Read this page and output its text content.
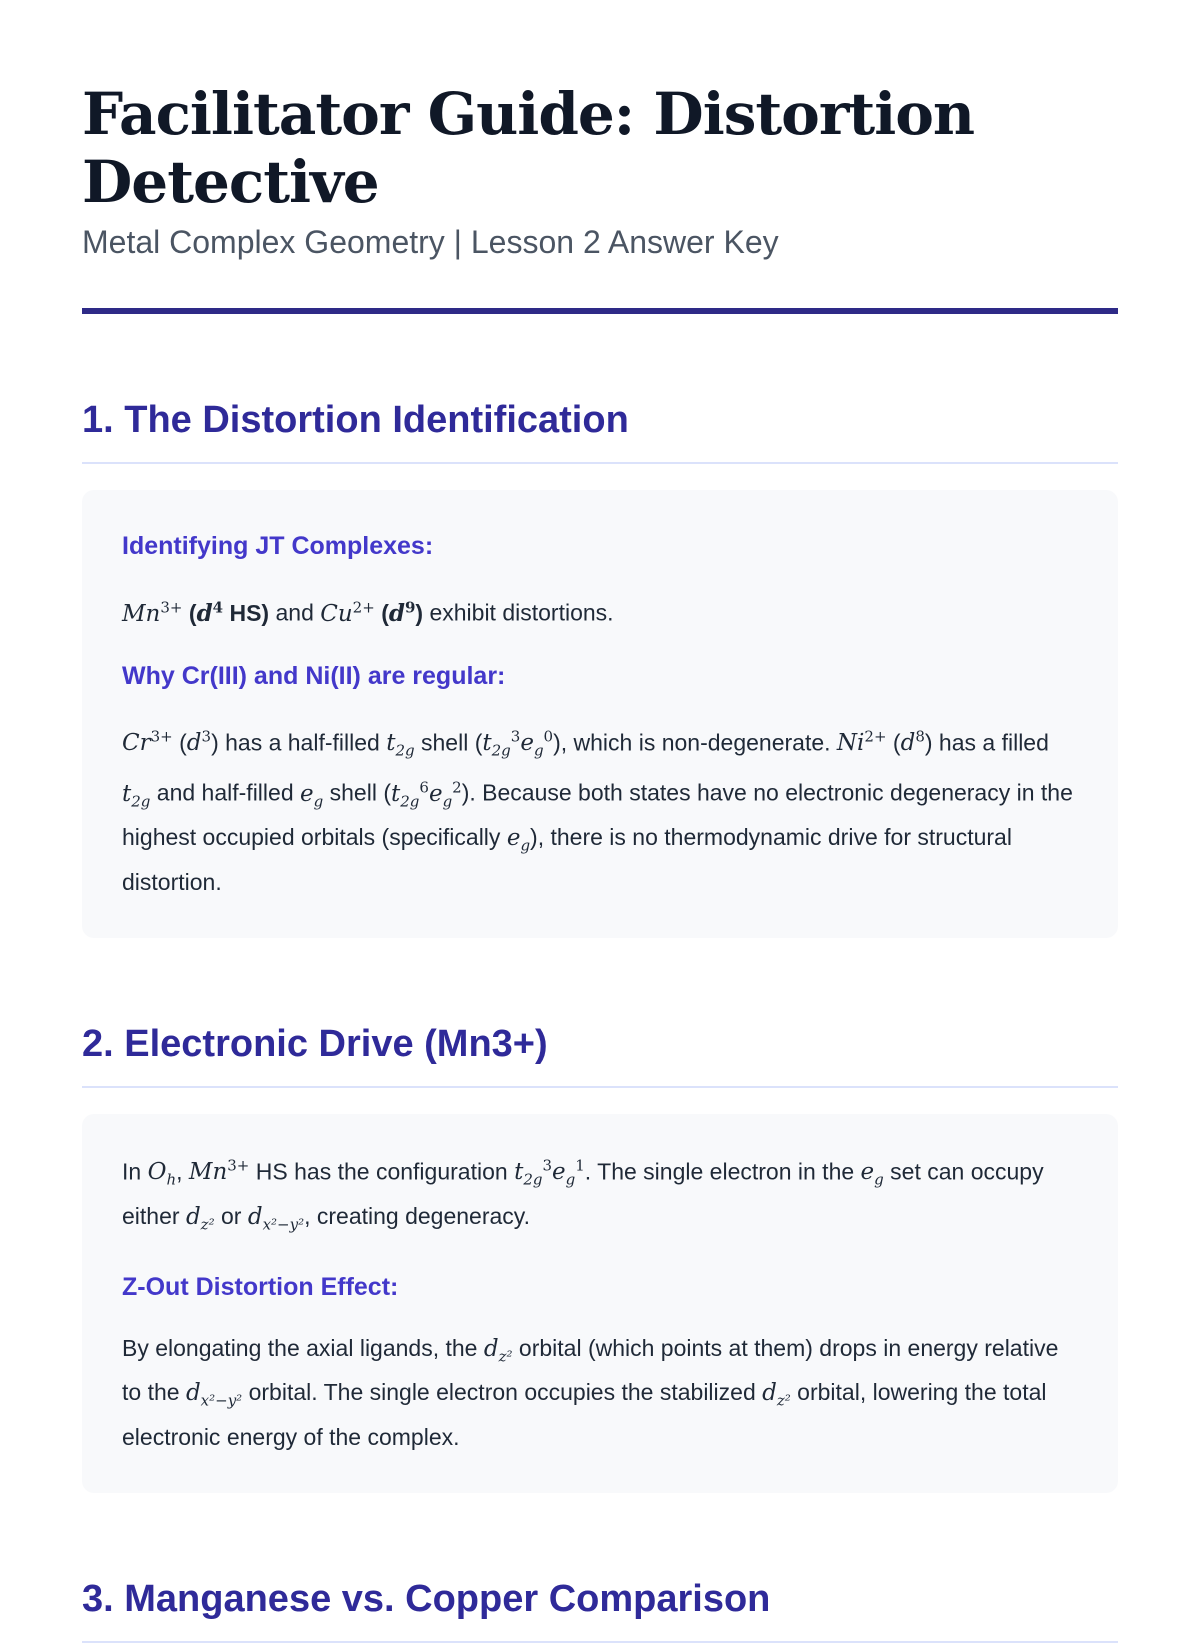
Facilitator Guide: Distortion Detective
Metal Complex Geometry | Lesson 2 Answer Key
1. The Distortion Identification
Identifying JT Complexes:

$Mn^{3+}$ ($d^4$ HS) and $Cu^{2+}$ $(d^9)$ exhibit distortions.

Why Cr(III) and Ni(II) are regular:

$Cr^{3+}$ $(d^3)$ has a half-filled $t_{2g}$ shell $(t_{2g}^3e_g^0)$, which is non-degenerate. $Ni^{2+}$ $(d^8)$ has a filled $t_{2g}$ and half-filled $e_g$ shell $(t_{2g}^6e_g^2)$. Because both states have no electronic degeneracy in the highest occupied orbitals (specifically $e_g$), there is no thermodynamic drive for structural distortion.

2. Electronic Drive (Mn3+)

In $O_h$, $Mn^{3+}$ HS has the configuration $t_{2g}^3e_g^1$. The single electron in the $e_g$ set can occupy either $d_{z^2}$ or $d_{x^2-y^2}$, creating degeneracy.

Z-Out Distortion Effect:

By elongating the axial ligands, the $d_{z^2}$ orbital (which points at them) drops in energy relative to the $d_{x^2-y^2}$ orbital. The single electron occupies the stabilized $d_{z^2}$ orbital, lowering the total electronic energy of the complex.

3. Manganese vs. Copper Comparison
